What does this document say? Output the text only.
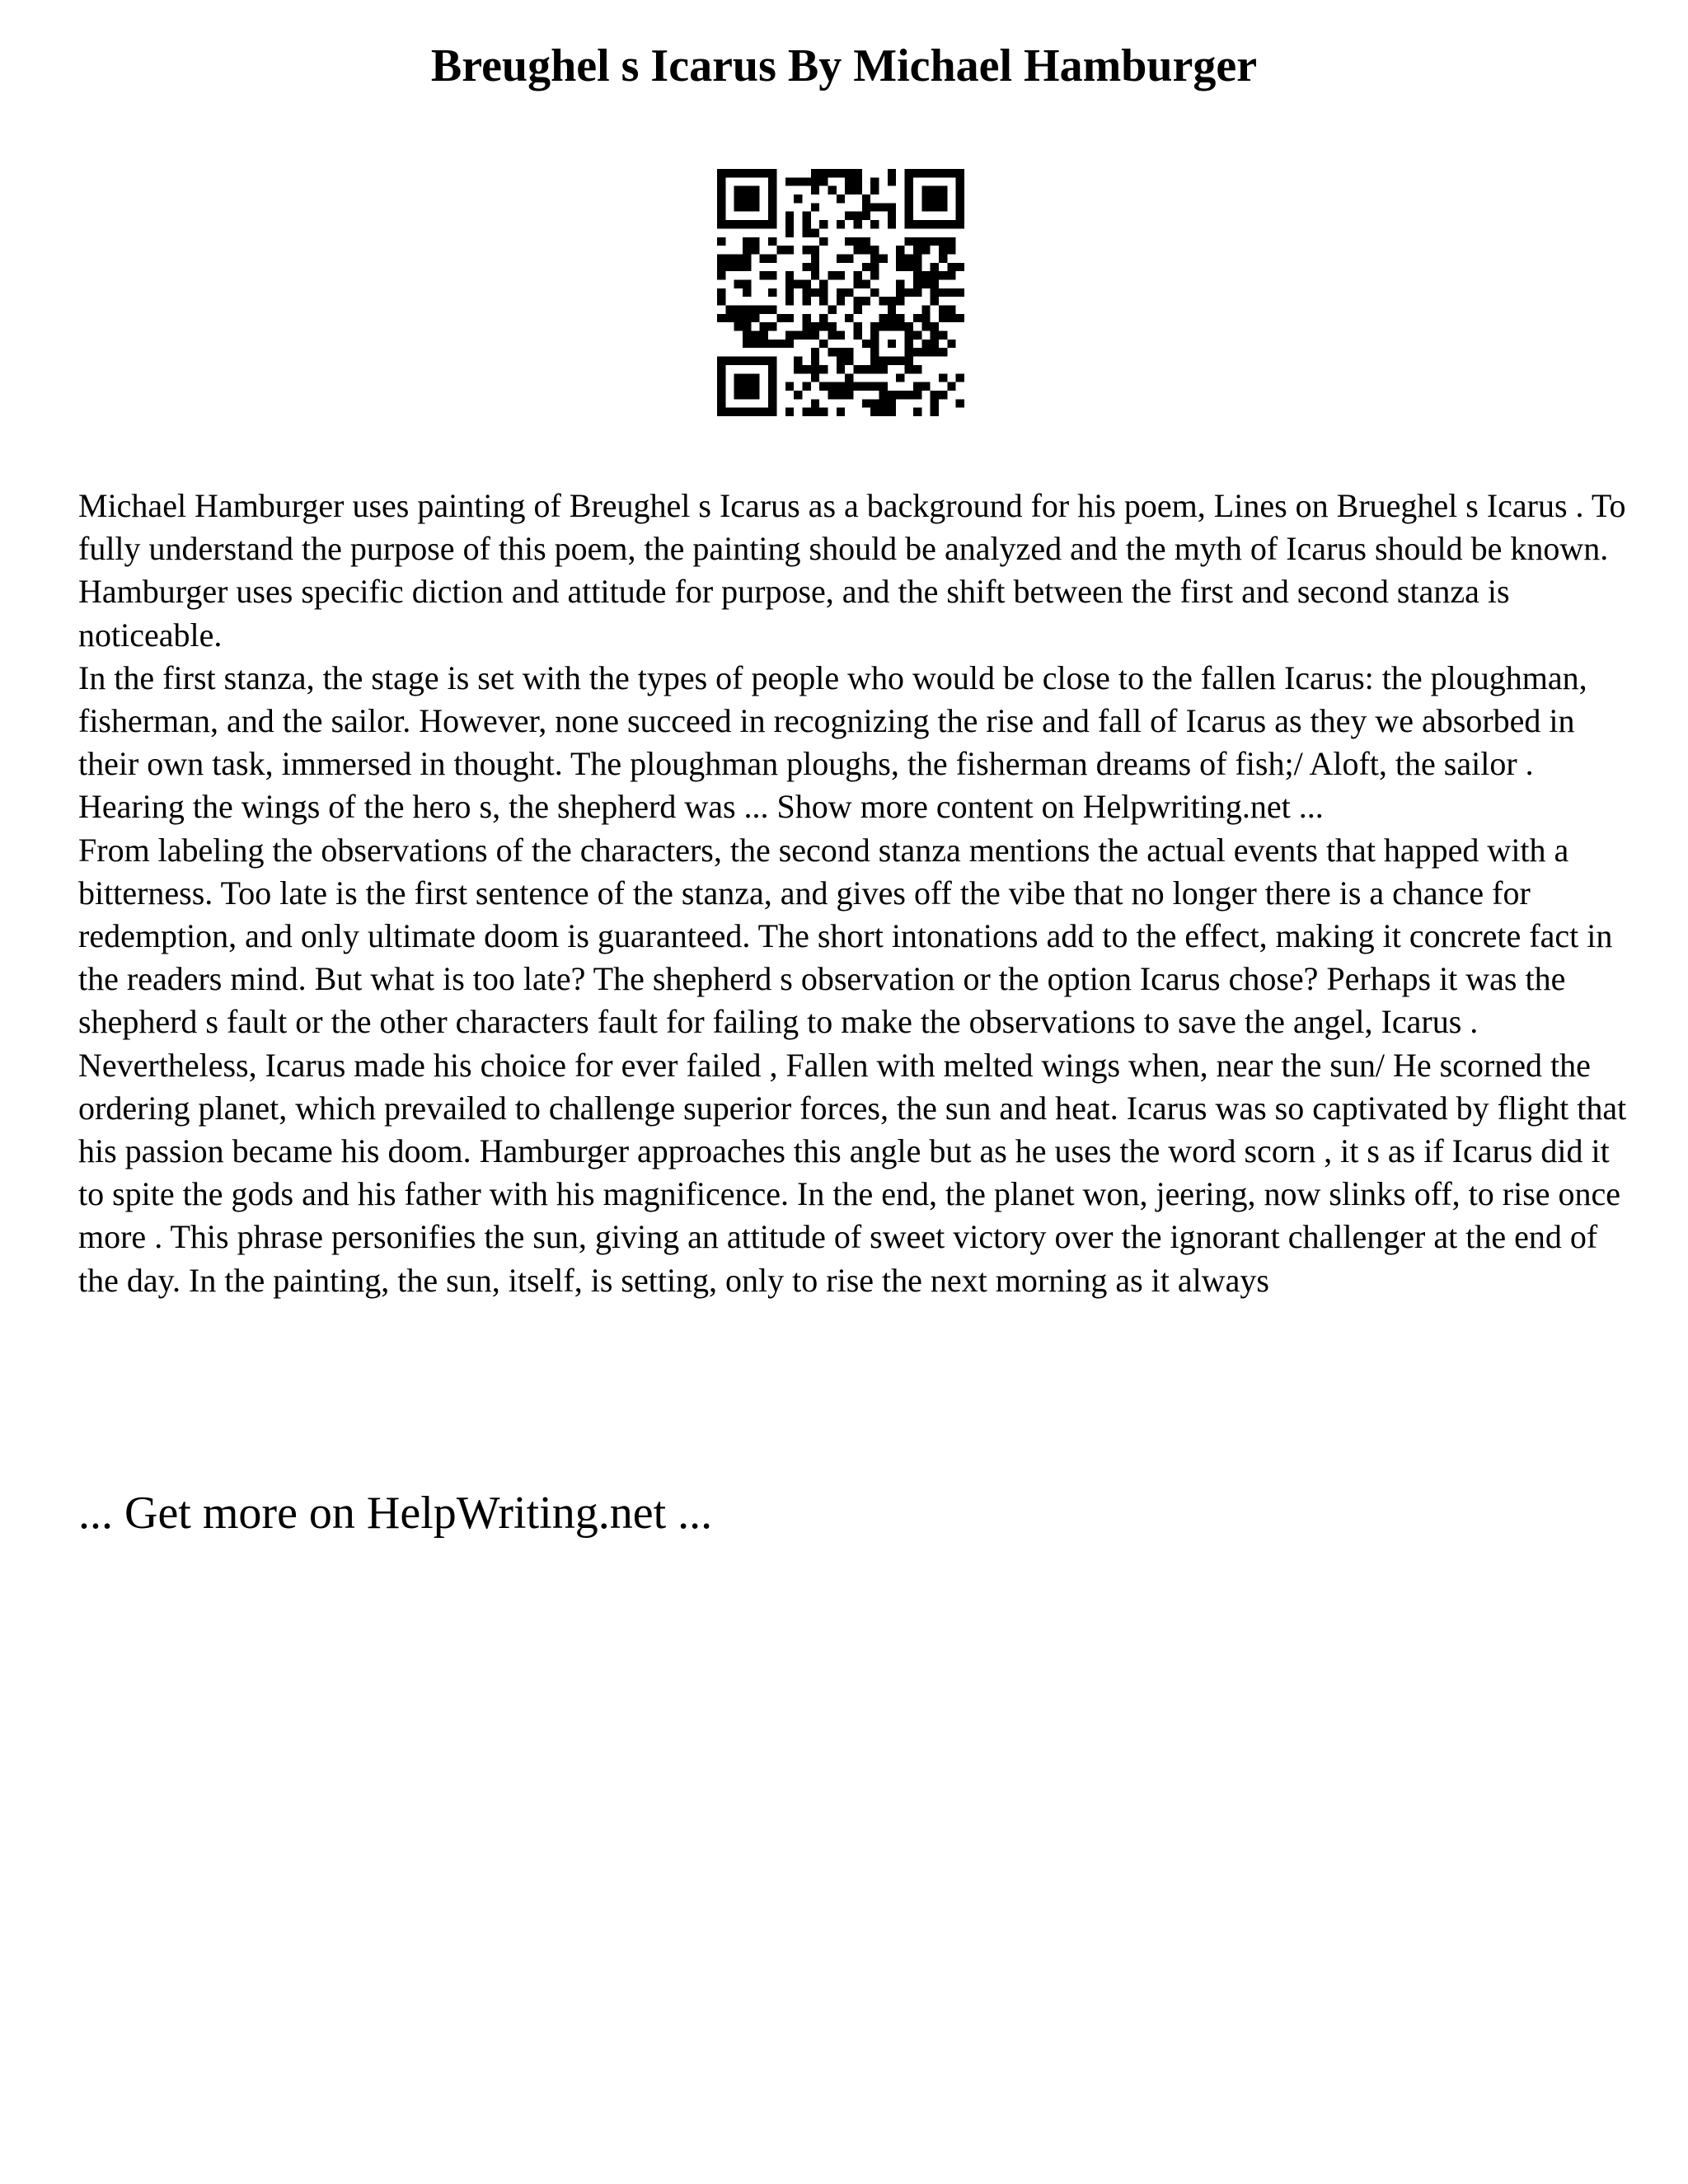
Breughel s Icarus By Michael Hamburger

Michael Hamburger uses painting of Breughel s Icarus as a background for his poem, Lines on Brueghel s Icarus . To fully understand the purpose of this poem, the painting should be analyzed and the myth of Icarus should be known. Hamburger uses specific diction and attitude for purpose, and the shift between the first and second stanza is noticeable.

In the first stanza, the stage is set with the types of people who would be close to the fallen Icarus: the ploughman, fisherman, and the sailor. However, none succeed in recognizing the rise and fall of Icarus as they we absorbed in their own task, immersed in thought. The ploughman ploughs, the fisherman dreams of fish;/ Aloft, the sailor . Hearing the wings of the hero s, the shepherd was ... Show more content on Helpwriting.net ...

From labeling the observations of the characters, the second stanza mentions the actual events that happed with a bitterness. Too late is the first sentence of the stanza, and gives off the vibe that no longer there is a chance for redemption, and only ultimate doom is guaranteed. The short intonations add to the effect, making it concrete fact in the readers mind. But what is too late? The shepherd s observation or the option Icarus chose? Perhaps it was the shepherd s fault or the other characters fault for failing to make the observations to save the angel, Icarus . Nevertheless, Icarus made his choice for ever failed , Fallen with melted wings when, near the sun/ He scorned the ordering planet, which prevailed to challenge superior forces, the sun and heat. Icarus was so captivated by flight that his passion became his doom. Hamburger approaches this angle but as he uses the word scorn , it s as if Icarus did it to spite the gods and his father with his magnificence. In the end, the planet won, jeering, now slinks off, to rise once more . This phrase personifies the sun, giving an attitude of sweet victory over the ignorant challenger at the end of the day. In the painting, the sun, itself, is setting, only to rise the next morning as it always

... Get more on HelpWriting.net ...
